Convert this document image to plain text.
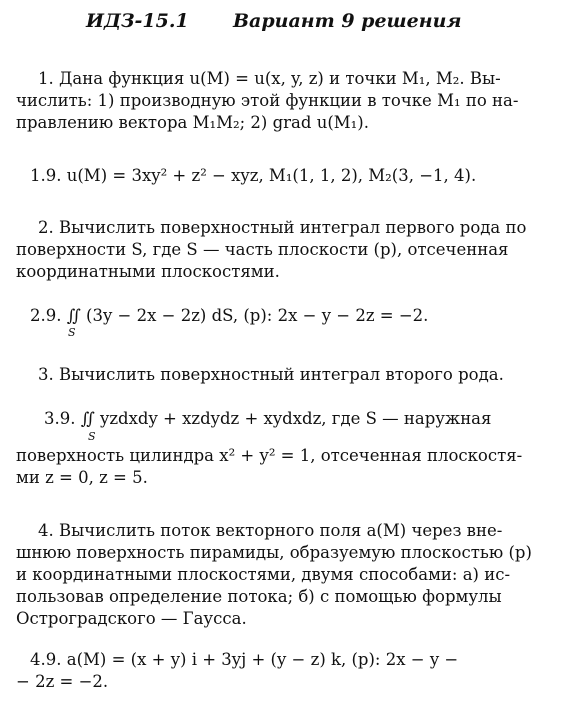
ИДЗ-15.1 Вариант 9 решения
1. Дана функция u(M) = u(x, y, z) и точки M₁, M₂. Вы-
числить: 1) производную этой функции в точке M₁ по на-
правлению вектора M₁M₂; 2) grad u(M₁).
1.9. u(M) = 3xy² + z² − xyz, M₁(1, 1, 2), M₂(3, −1, 4).
2. Вычислить поверхностный интеграл первого рода по
поверхности S, где S — часть плоскости (p), отсеченная
координатными плоскостями.
2.9. ∬ (3y − 2x − 2z) dS, (p): 2x − y − 2z = −2.
S
3. Вычислить поверхностный интеграл второго рода.
3.9. ∬ yzdxdy + xzdydz + xydxdz, где S — наружная
S
поверхность цилиндра x² + y² = 1, отсеченная плоскостя-
ми z = 0, z = 5.
4. Вычислить поток векторного поля a(M) через вне-
шнюю поверхность пирамиды, образуемую плоскостью (p)
и координатными плоскостями, двумя способами: а) ис-
пользовав определение потока; б) с помощью формулы
Остроградского — Гаусса.
4.9. a(M) = (x + y) i + 3yj + (y − z) k, (p): 2x − y −
− 2z = −2.
